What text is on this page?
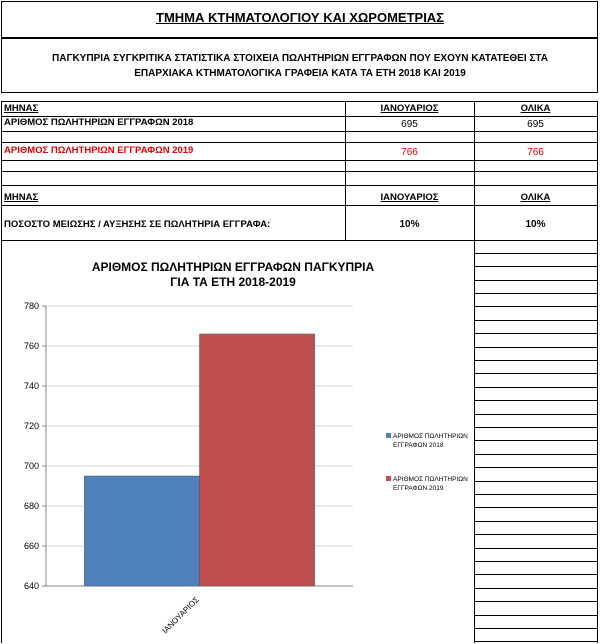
ΤΜΗΜΑ ΚΤΗΜΑΤΟΛΟΓΙΟΥ ΚΑΙ ΧΩΡΟΜΕΤΡΙΑΣ
ΠΑΓΚΥΠΡΙΑ ΣΥΓΚΡΙΤΙΚΑ ΣΤΑΤΙΣΤΙΚΑ ΣΤΟΙΧΕΙΑ ΠΩΛΗΤΗΡΙΩΝ ΕΓΓΡΑΦΩΝ ΠΟΥ ΕΧΟΥΝ ΚΑΤΑΤΕΘΕΙ ΣΤΑ
ΕΠΑΡΧΙΑΚΑ ΚΤΗΜΑΤΟΛΟΓΙΚΑ ΓΡΑΦΕΙΑ ΚΑΤΑ ΤΑ ΕΤΗ 2018 ΚΑΙ 2019
ΜΗΝΑΣ	ΙΑΝΟΥΑΡΙΟΣ	ΟΛΙΚΑ
ΑΡΙΘΜΟΣ ΠΩΛΗΤΗΡΙΩΝ ΕΓΓΡΑΦΩΝ 2018	695	695
ΑΡΙΘΜΟΣ ΠΩΛΗΤΗΡΙΩΝ ΕΓΓΡΑΦΩΝ 2019	766	766
ΜΗΝΑΣ	ΙΑΝΟΥΑΡΙΟΣ	ΟΛΙΚΑ
ΠΟΣΟΣΤΟ ΜΕΙΩΣΗΣ / ΑΥΞΗΣΗΣ ΣΕ ΠΩΛΗΤΗΡΙΑ ΕΓΓΡΑΦΑ:	10%	10%
ΑΡΙΘΜΟΣ ΠΩΛΗΤΗΡΙΩΝ ΕΓΓΡΑΦΩΝ ΠΑΓΚΥΠΡΙΑ
ΓΙΑ ΤΑ ΕΤΗ 2018-2019
640
660
680
700
720
740
760
780
ΙΑΝΟΥΑΡΙΟΣ
ΑΡΙΘΜΟΣ ΠΩΛΗΤΗΡΙΩΝ
ΕΓΓΡΑΦΩΝ 2018
ΑΡΙΘΜΟΣ ΠΩΛΗΤΗΡΙΩΝ
ΕΓΓΡΑΦΩΝ 2019
